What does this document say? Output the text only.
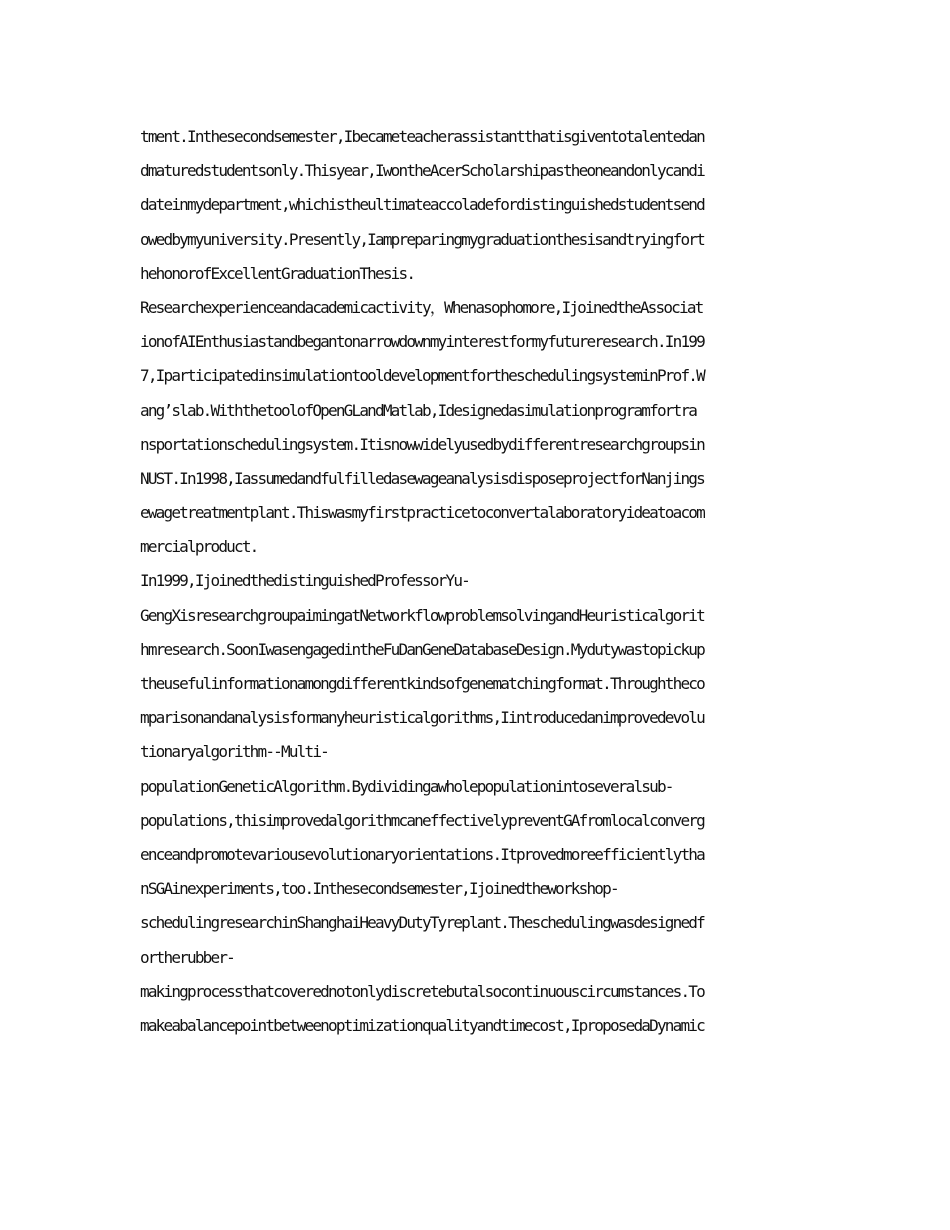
tment.Inthesecondsemester,Ibecameteacherassistantthatisgiventotalentedan
dmaturedstudentsonly.Thisyear,IwontheAcerScholarshipastheoneandonlycandi
dateinmydepartment,whichistheultimateaccoladefordistinguishedstudentsend
owedbymyuniversity.Presently,Iampreparingmygraduationthesisandtryingfort
hehonorofExcellentGraduationThesis.
Researchexperienceandacademicactivity，Whenasophomore,IjoinedtheAssociat
ionofAIEnthusiastandbegantonarrowdownmyinterestformyfutureresearch.In199
7,IparticipatedinsimulationtooldevelopmentfortheschedulingsysteminProf.W
ang’slab.WiththetoolofOpenGLandMatlab,Idesignedasimulationprogramfortra
nsportationschedulingsystem.Itisnowwidelyusedbydifferentresearchgroupsin
NUST.In1998,IassumedandfulfilledasewageanalysisdisposeprojectforNanjings
ewagetreatmentplant.Thiswasmyfirstpracticetoconvertalaboratoryideatoacom
mercialproduct.
In1999,IjoinedthedistinguishedProfessorYu-
GengXisresearchgroupaimingatNetworkflowproblemsolvingandHeuristicalgorit
hmresearch.SoonIwasengagedintheFuDanGeneDatabaseDesign.Mydutywastopickup
theusefulinformationamongdifferentkindsofgenematchingformat.Throughtheco
mparisonandanalysisformanyheuristicalgorithms,Iintroducedanimprovedevolu
tionaryalgorithm--Multi-
populationGeneticAlgorithm.Bydividingawholepopulationintoseveralsub-
populations,thisimprovedalgorithmcaneffectivelypreventGAfromlocalconverg
enceandpromotevariousevolutionaryorientations.Itprovedmoreefficientlytha
nSGAinexperiments,too.Inthesecondsemester,Ijoinedtheworkshop-
schedulingresearchinShanghaiHeavyDutyTyreplant.Theschedulingwasdesignedf
ortherubber-
makingprocessthatcoverednotonlydiscretebutalsocontinuouscircumstances.To
makeabalancepointbetweenoptimizationqualityandtimecost,IproposedaDynamic
